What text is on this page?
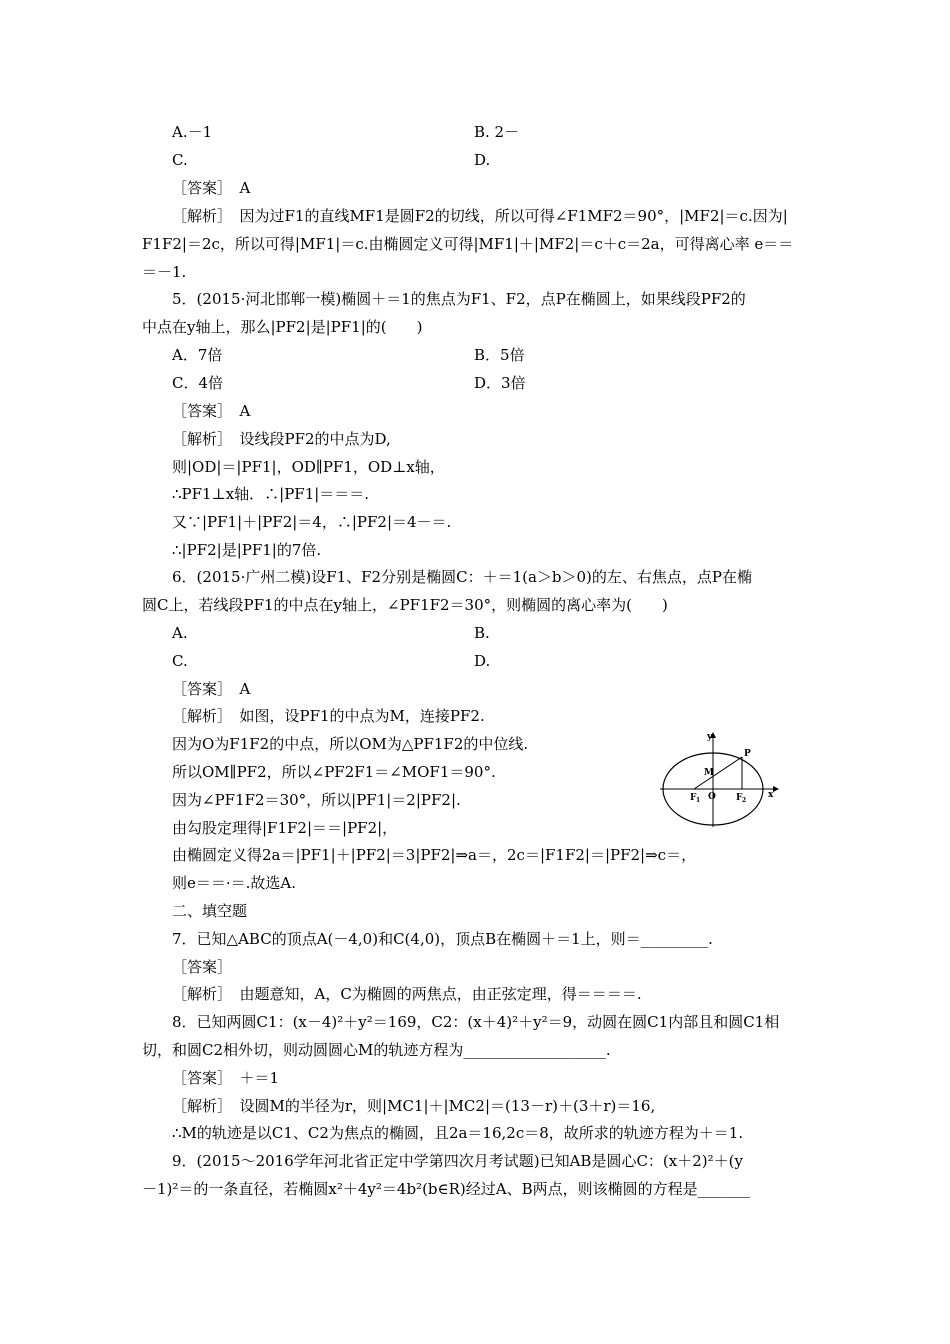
A.－1	B. 2－
C.	D.
［答案］　A
［解析］　因为过F1的直线MF1是圆F2的切线，所以可得∠F1MF2＝90°，|MF2|＝c.因为|
F1F2|＝2c，所以可得|MF1|＝c.由椭圆定义可得|MF1|＋|MF2|＝c＋c＝2a，可得离心率 e＝＝
＝－1.
5．(2015·河北邯郸一模)椭圆＋＝1的焦点为F1、F2，点P在椭圆上，如果线段PF2的
中点在y轴上，那么|PF2|是|PF1|的(　　)
A．7倍	B．5倍
C．4倍	D．3倍
［答案］　A
［解析］　设线段PF2的中点为D,
则|OD|＝|PF1|，OD∥PF1，OD⊥x轴，
∴PF1⊥x轴．∴|PF1|＝＝＝.
又∵|PF1|＋|PF2|＝4，∴|PF2|＝4－＝.
∴|PF2|是|PF1|的7倍.
6．(2015·广州二模)设F1、F2分别是椭圆C：＋＝1(a＞b＞0)的左、右焦点，点P在椭
圆C上，若线段PF1的中点在y轴上，∠PF1F2＝30°，则椭圆的离心率为(　　)
A.	B.
C.	D.
［答案］　A
［解析］　如图，设PF1的中点为M，连接PF2.
因为O为F1F2的中点，所以OM为△PF1F2的中位线.
所以OM∥PF2，所以∠PF2F1＝∠MOF1＝90°.
因为∠PF1F2＝30°，所以|PF1|＝2|PF2|.
由勾股定理得|F1F2|＝＝|PF2|，
由椭圆定义得2a＝|PF1|＋|PF2|＝3|PF2|⇒a＝，2c＝|F1F2|＝|PF2|⇒c＝，
则e＝＝·＝.故选A.
二、填空题
7．已知△ABC的顶点A(－4,0)和C(4,0)，顶点B在椭圆＋＝1上，则＝_________.
［答案］
［解析］　由题意知，A，C为椭圆的两焦点，由正弦定理，得＝＝＝＝.
8．已知两圆C1：(x－4)²＋y²＝169，C2：(x＋4)²＋y²＝9，动圆在圆C1内部且和圆C1相
切，和圆C2相外切，则动圆圆心M的轨迹方程为___________________.
［答案］　＋＝1
［解析］　设圆M的半径为r，则|MC1|＋|MC2|＝(13－r)＋(3＋r)＝16,
∴M的轨迹是以C1、C2为焦点的椭圆，且2a＝16,2c＝8，故所求的轨迹方程为＋＝1.
9．(2015～2016学年河北省正定中学第四次月考试题)已知AB是圆心C：(x＋2)²＋(y
－1)²＝的一条直径，若椭圆x²＋4y²＝4b²(b∈R)经过A、B两点，则该椭圆的方程是_______
y
x
P
M
F 1 O F 2
